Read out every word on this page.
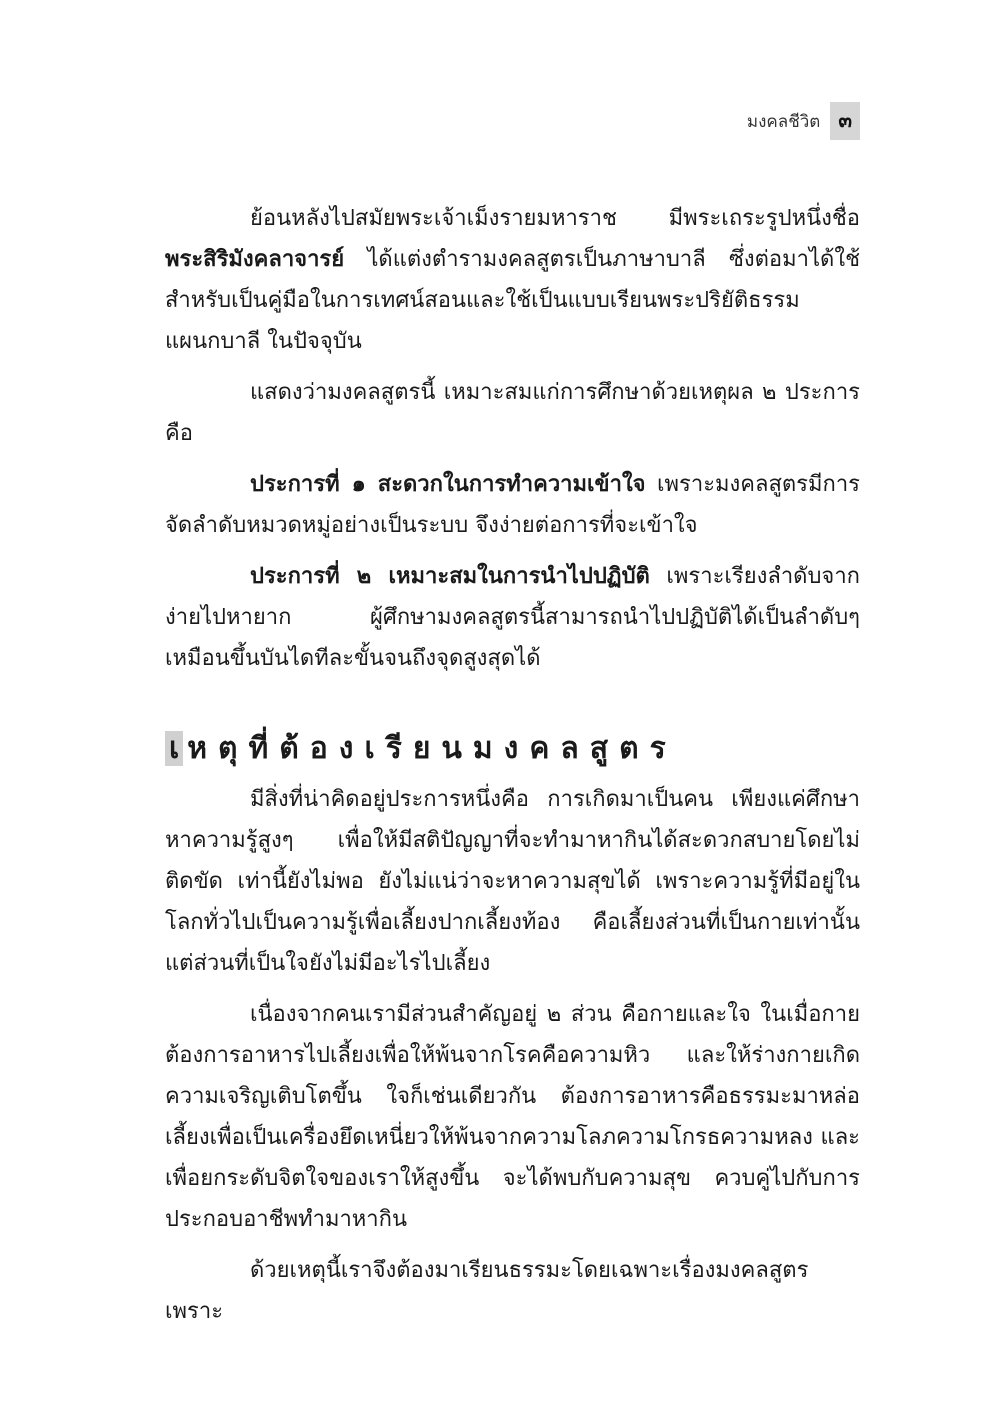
มงคลชีวิต ๓

ย้อนหลังไปสมัยพระเจ้าเม็งรายมหาราช มีพระเถระรูปหนึ่งชื่อ พระสิริมังคลาจารย์ ได้แต่งตำรามงคลสูตรเป็นภาษาบาลี ซึ่งต่อมาได้ใช้สำหรับเป็นคู่มือในการเทศน์สอนและใช้เป็นแบบเรียนพระปริยัติธรรม แผนกบาลี ในปัจจุบัน

แสดงว่ามงคลสูตรนี้ เหมาะสมแก่การศึกษาด้วยเหตุผล ๒ ประการ คือ

ประการที่ ๑ สะดวกในการทำความเข้าใจ เพราะมงคลสูตรมีการจัดลำดับหมวดหมู่อย่างเป็นระบบ จึงง่ายต่อการที่จะเข้าใจ

ประการที่ ๒ เหมาะสมในการนำไปปฏิบัติ เพราะเรียงลำดับจากง่ายไปหายาก ผู้ศึกษามงคลสูตรนี้สามารถนำไปปฏิบัติได้เป็นลำดับๆ เหมือนขึ้นบันไดทีละขั้นจนถึงจุดสูงสุดได้

เ หตุที่ต้องเรียนมงคลสูตร

มีสิ่งที่น่าคิดอยู่ประการหนึ่งคือ การเกิดมาเป็นคน เพียงแค่ศึกษาหาความรู้สูงๆ เพื่อให้มีสติปัญญาที่จะทำมาหากินได้สะดวกสบายโดยไม่ติดขัด เท่านี้ยังไม่พอ ยังไม่แน่ว่าจะหาความสุขได้ เพราะความรู้ที่มีอยู่ในโลกทั่วไปเป็นความรู้เพื่อเลี้ยงปากเลี้ยงท้อง คือเลี้ยงส่วนที่เป็นกายเท่านั้น แต่ส่วนที่เป็นใจยังไม่มีอะไรไปเลี้ยง

เนื่องจากคนเรามีส่วนสำคัญอยู่ ๒ ส่วน คือกายและใจ ในเมื่อกายต้องการอาหารไปเลี้ยงเพื่อให้พ้นจากโรคคือความหิว และให้ร่างกายเกิดความเจริญเติบโตขึ้น ใจก็เช่นเดียวกัน ต้องการอาหารคือธรรมะมาหล่อเลี้ยงเพื่อเป็นเครื่องยึดเหนี่ยวให้พ้นจากความโลภความโกรธความหลง และเพื่อยกระดับจิตใจของเราให้สูงขึ้น จะได้พบกับความสุข ควบคู่ไปกับการประกอบอาชีพทำมาหากิน

ด้วยเหตุนี้เราจึงต้องมาเรียนธรรมะโดยเฉพาะเรื่องมงคลสูตร เพราะ
